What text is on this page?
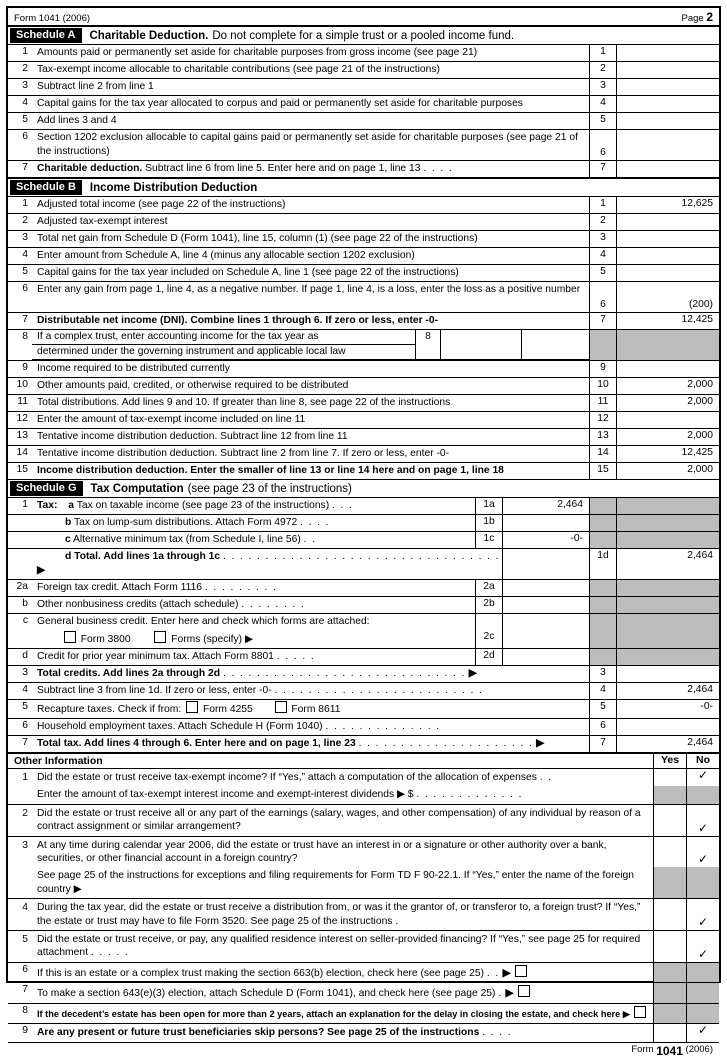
Form 1041 (2006)	Page 2
Schedule A	Charitable Deduction. Do not complete for a simple trust or a pooled income fund.
1	Amounts paid or permanently set aside for charitable purposes from gross income (see page 21)	1	
2	Tax-exempt income allocable to charitable contributions (see page 21 of the instructions)	2	
3	Subtract line 2 from line 1	3	
4	Capital gains for the tax year allocated to corpus and paid or permanently set aside for charitable purposes	4	
5	Add lines 3 and 4	5	
6	Section 1202 exclusion allocable to capital gains paid or permanently set aside for charitable purposes (see page 21 of the instructions)	6	
7	Charitable deduction. Subtract line 6 from line 5. Enter here and on page 1, line 13 . . . .	7	
Schedule B	Income Distribution Deduction
1	Adjusted total income (see page 22 of the instructions)	1	12,625
2	Adjusted tax-exempt interest	2	
3	Total net gain from Schedule D (Form 1041), line 15, column (1) (see page 22 of the instructions)	3	
4	Enter amount from Schedule A, line 4 (minus any allocable section 1202 exclusion)	4	
5	Capital gains for the tax year included on Schedule A, line 1 (see page 22 of the instructions)	5	
6	Enter any gain from page 1, line 4, as a negative number. If page 1, line 4, is a loss, enter the loss as a positive number	6	(200)
7	Distributable net income (DNI). Combine lines 1 through 6. If zero or less, enter -0-	7	12,425
8	If a complex trust, enter accounting income for the tax year as	8		
determined under the governing instrument and applicable local law

9	Income required to be distributed currently	9	
10	Other amounts paid, credited, or otherwise required to be distributed	10	2,000
11	Total distributions. Add lines 9 and 10. If greater than line 8, see page 22 of the instructions	11	2,000
12	Enter the amount of tax-exempt income included on line 11	12	
13	Tentative income distribution deduction. Subtract line 12 from line 11	13	2,000
14	Tentative income distribution deduction. Subtract line 2 from line 7. If zero or less, enter -0-	14	12,425
15	Income distribution deduction. Enter the smaller of line 13 or line 14 here and on page 1, line 18	15	2,000
Schedule G	Tax Computation (see page 23 of the instructions)
1	Tax: a Tax on taxable income (see page 23 of the instructions) . . .	1a	2,464		
	b Tax on lump-sum distributions. Attach Form 4972 . . . .	1b			
	c Alternative minimum tax (from Schedule I, line 56) . .	1c	-0-		
	d Total. Add lines 1a through 1c . . . . . . . . . . . . . . . . . . . . . . . . . . . . . . . . . ▶			1d	2,464
2a	Foreign tax credit. Attach Form 1116 . . . . . . . . .	2a			
b	Other nonbusiness credits (attach schedule) . . . . . . . .	2b			
c	General business credit. Enter here and check which forms are attached:				
	Form 3800 Forms (specify) ▶	2c			
d	Credit for prior year minimum tax. Attach Form 8801 . . . . .	2d			
3	Total credits. Add lines 2a through 2d . . . . . . . . . . . . . . . . . . . . . . . . . . . . . ▶			3	
4	Subtract line 3 from line 1d. If zero or less, enter -0- . . . . . . . . . . . . . . . . . . . . . . . . .			4	2,464
5	Recapture taxes. Check if from: Form 4255 Form 8611			5	-0-
6	Household employment taxes. Attach Schedule H (Form 1040) . . . . . . . . . . . . . .			6	
7	Total tax. Add lines 4 through 6. Enter here and on page 1, line 23 . . . . . . . . . . . . . . . . . . . . . ▶			7	2,464
Other Information	Yes	No
1	Did the estate or trust receive tax-exempt income? If “Yes,” attach a computation of the allocation of expenses . .		✓
	Enter the amount of tax-exempt interest income and exempt-interest dividends ▶ $ . . . . . . . . . . . . .		
2	Did the estate or trust receive all or any part of the earnings (salary, wages, and other compensation) of any individual by reason of a contract assignment or similar arrangement?		✓
3	At any time during calendar year 2006, did the estate or trust have an interest in or a signature or other authority over a bank, securities, or other financial account in a foreign country?		✓
	See page 25 of the instructions for exceptions and filing requirements for Form TD F 90-22.1. If “Yes,” enter the name of the foreign country ▶		
4	During the tax year, did the estate or trust receive a distribution from, or was it the grantor of, or transferor to, a foreign trust? If “Yes,” the estate or trust may have to file Form 3520. See page 25 of the instructions .		✓
5	Did the estate or trust receive, or pay, any qualified residence interest on seller-provided financing? If “Yes,” see page 25 for required attachment . . . . .		✓
6	If this is an estate or a complex trust making the section 663(b) election, check here (see page 25) . . ▶		
7	To make a section 643(e)(3) election, attach Schedule D (Form 1041), and check here (see page 25) . ▶		
8	If the decedent’s estate has been open for more than 2 years, attach an explanation for the delay in closing the estate, and check here ▶		
9	Are any present or future trust beneficiaries skip persons? See page 25 of the instructions . . . .		✓
Form
1041
(2006)
